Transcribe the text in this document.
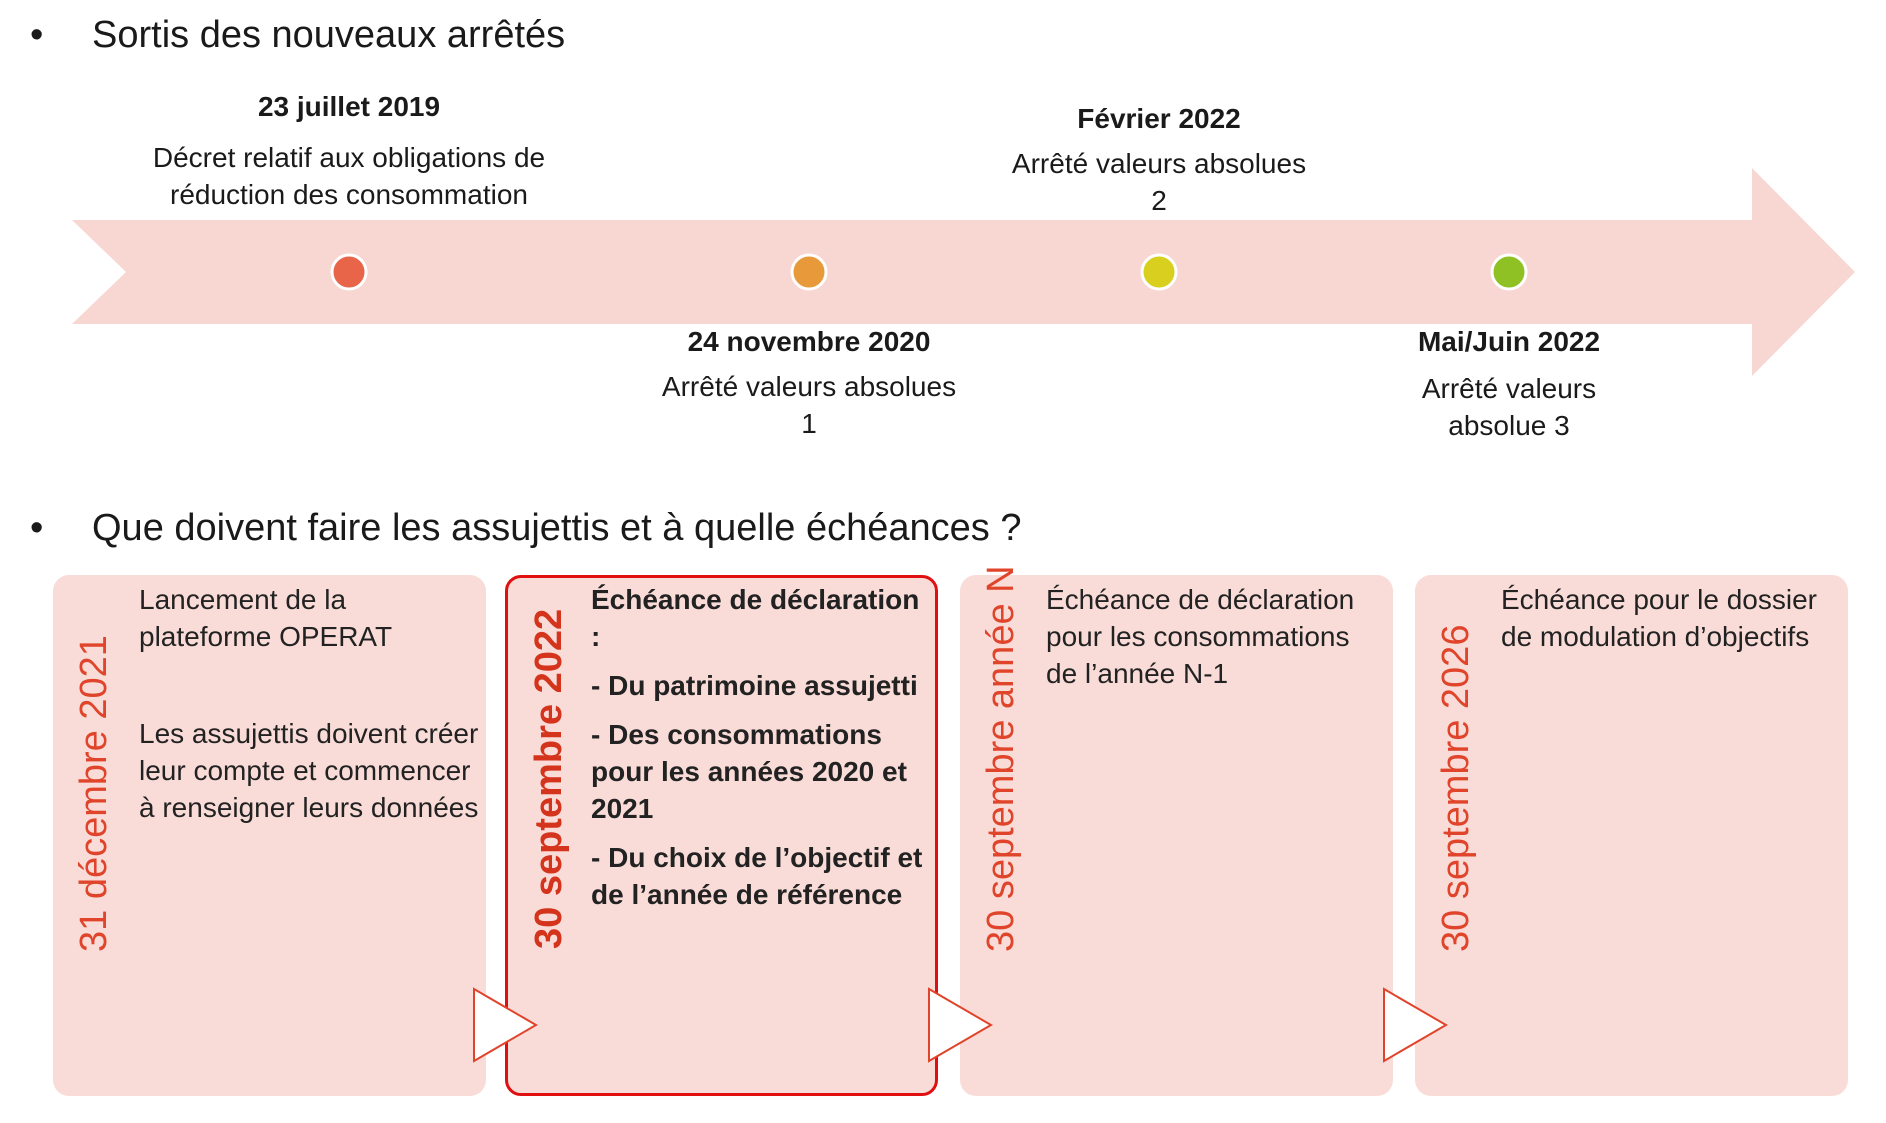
• Sortis des nouveaux arrêtés
23 juillet 2019
Décret relatif aux obligations de
réduction des consommation
Février 2022
Arrêté valeurs absolues
2
24 novembre 2020
Arrêté valeurs absolues
1
Mai/Juin 2022
Arrêté valeurs
absolue 3
• Que doivent faire les assujettis et à quelle échéances ?
31 décembre 2021

Lancement de la plateforme OPERAT

Les assujettis doivent créer leur compte et commencer à renseigner leurs données 30 septembre 2022

Échéance de déclaration :

- Du patrimoine assujetti

- Des consommations pour les années 2020 et 2021

- Du choix de l’objectif et de l’année de référence	30 septembre année N Échéance de déclaration pour les consommations de l’année N-1	30 septembre 2026

Échéance pour le dossier de modulation d’objectifs
